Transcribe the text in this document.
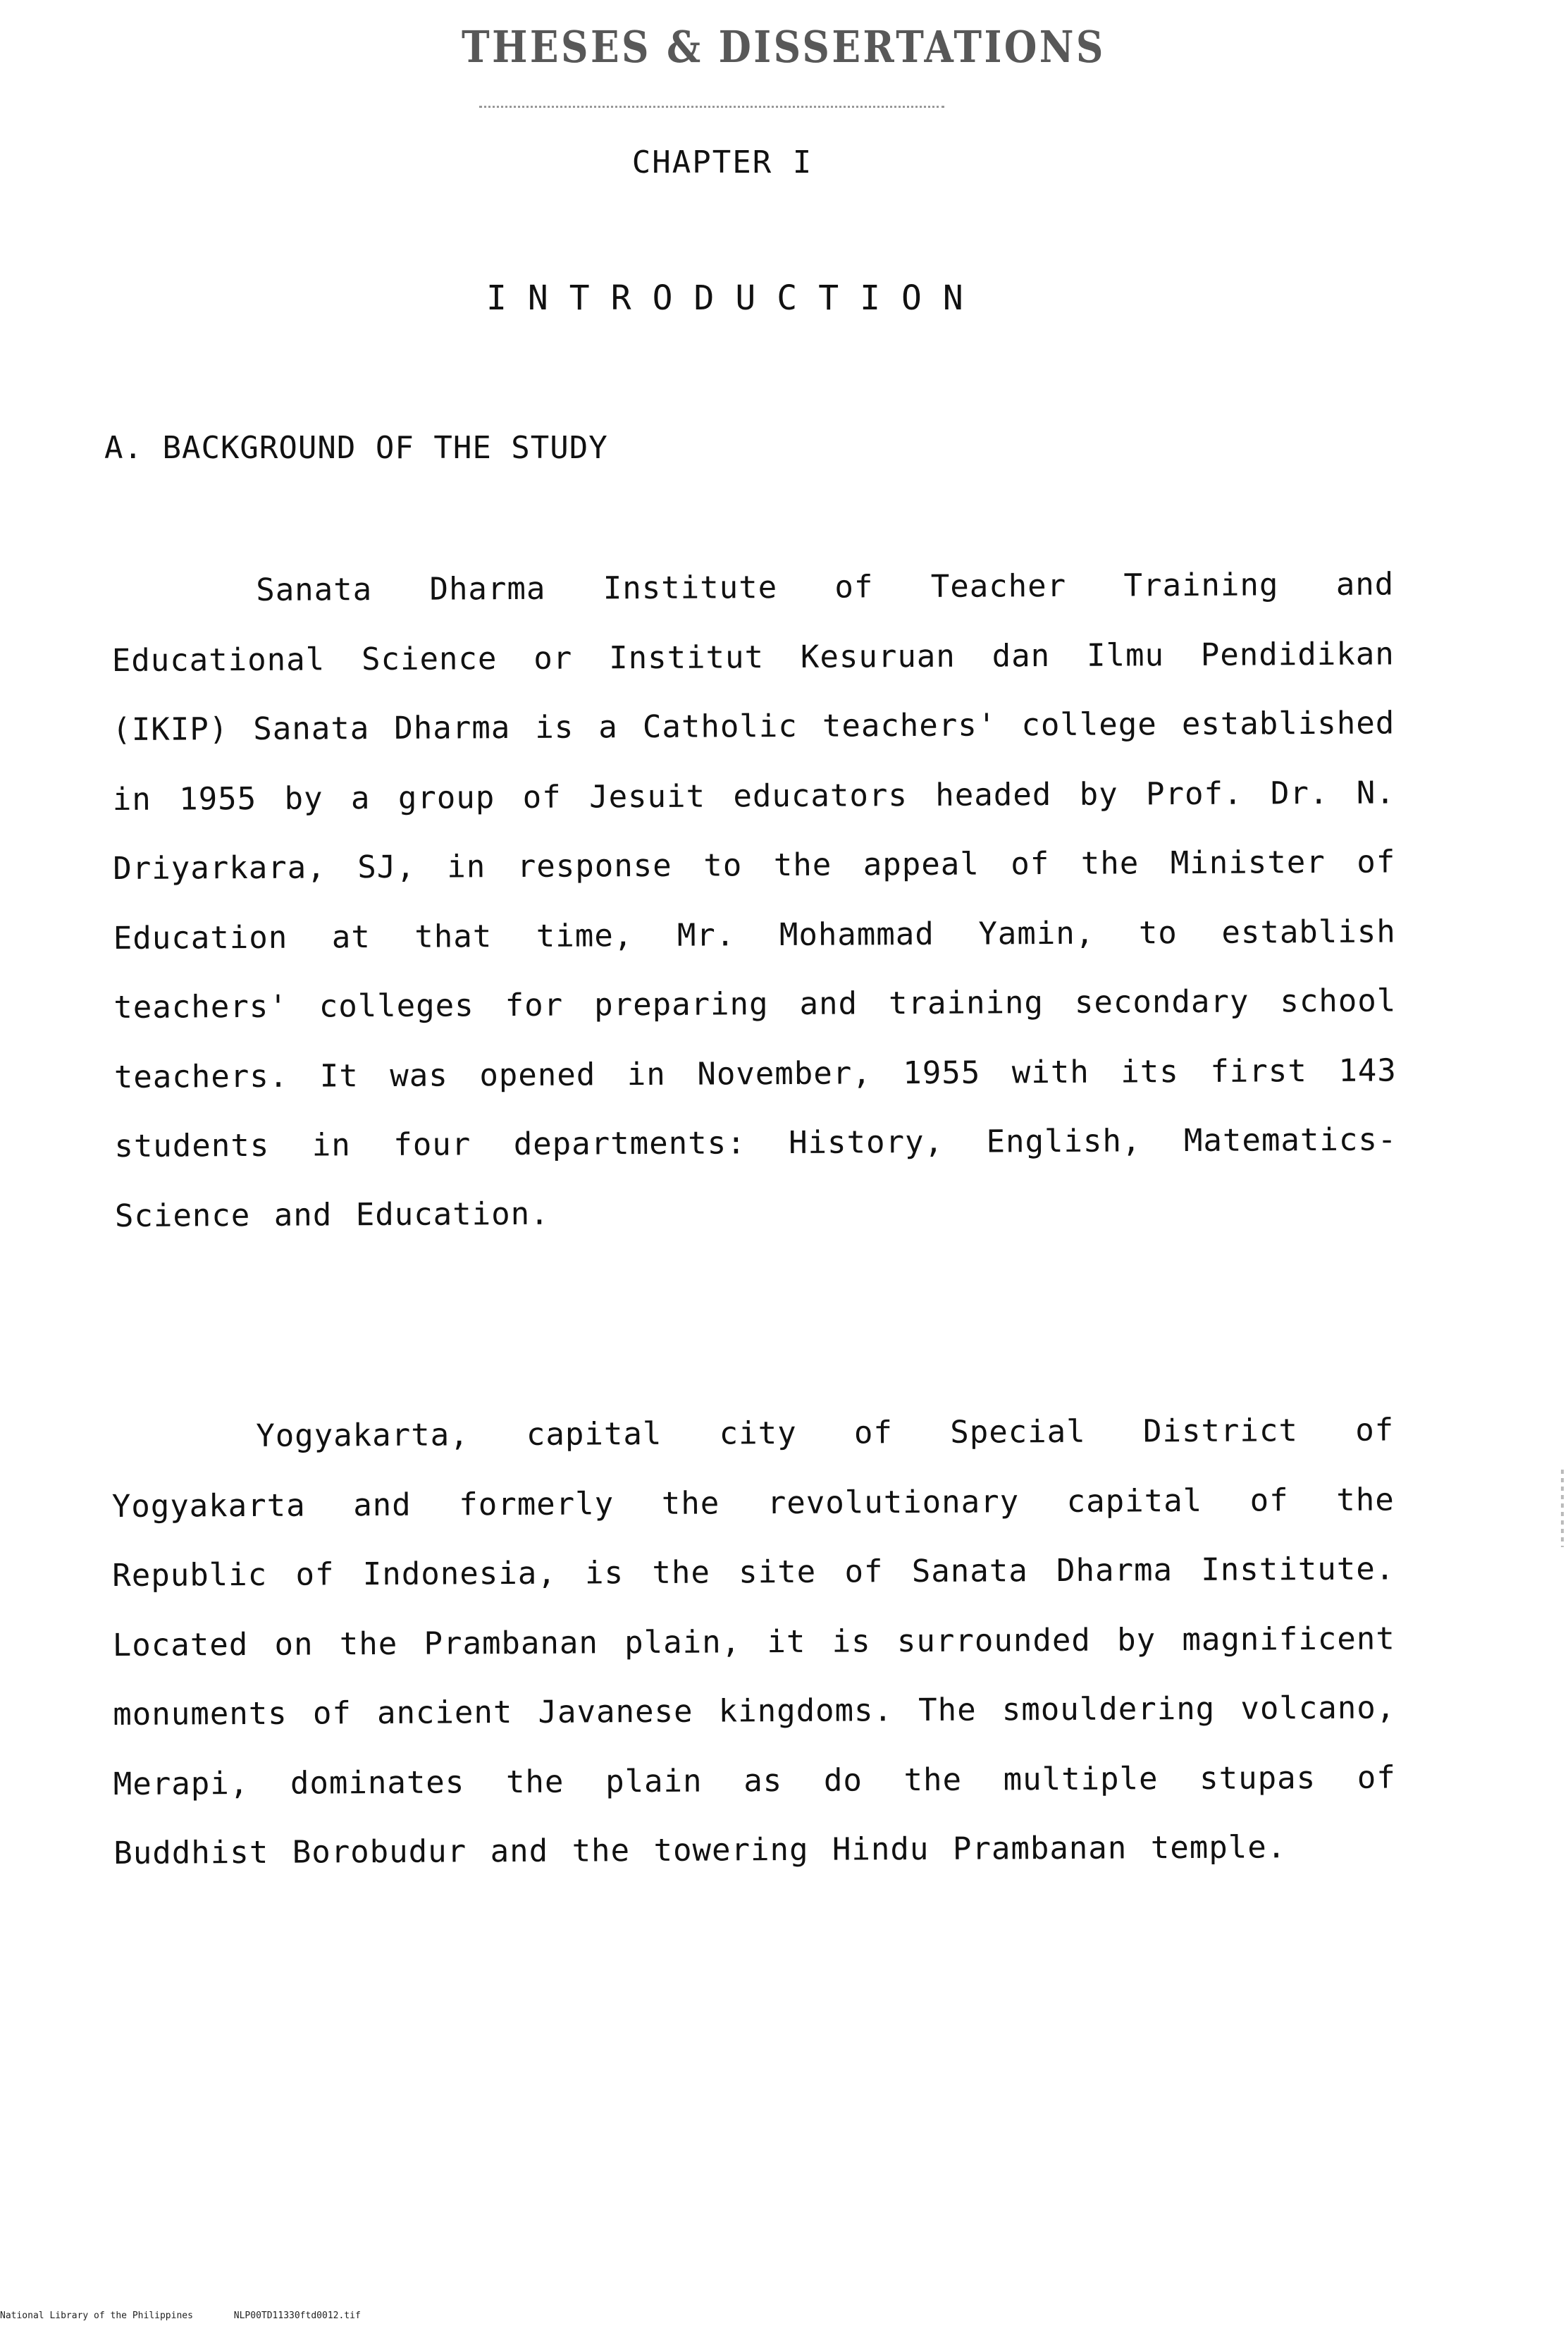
THESES & DISSERTATIONS
CHAPTER I
INTRODUCTION
A. BACKGROUND OF THE STUDY
Sanata Dharma Institute of Teacher Training and Educational Science or Institut Kesuruan dan Ilmu Pendidikan (IKIP) Sanata Dharma is a Catholic teachers' college established in 1955 by a group of Jesuit educators headed by Prof. Dr. N. Driyarkara, SJ, in response to the appeal of the Minister of Education at that time, Mr. Mohammad Yamin, to establish teachers' colleges for preparing and training secondary school teachers. It was opened in November, 1955 with its first 143 students in four departments: History, English, Matematics-Science and Education.
Yogyakarta, capital city of Special District of Yogyakarta and formerly the revolutionary capital of the Republic of Indonesia, is the site of Sanata Dharma Institute. Located on the Prambanan plain, it is surrounded by magnificent monuments of ancient Javanese kingdoms. The smouldering volcano, Merapi, dominates the plain as do the multiple stupas of Buddhist Borobudur and the towering Hindu Prambanan temple.
National Library of the Philippines	NLP00TD11330ftd0012.tif
